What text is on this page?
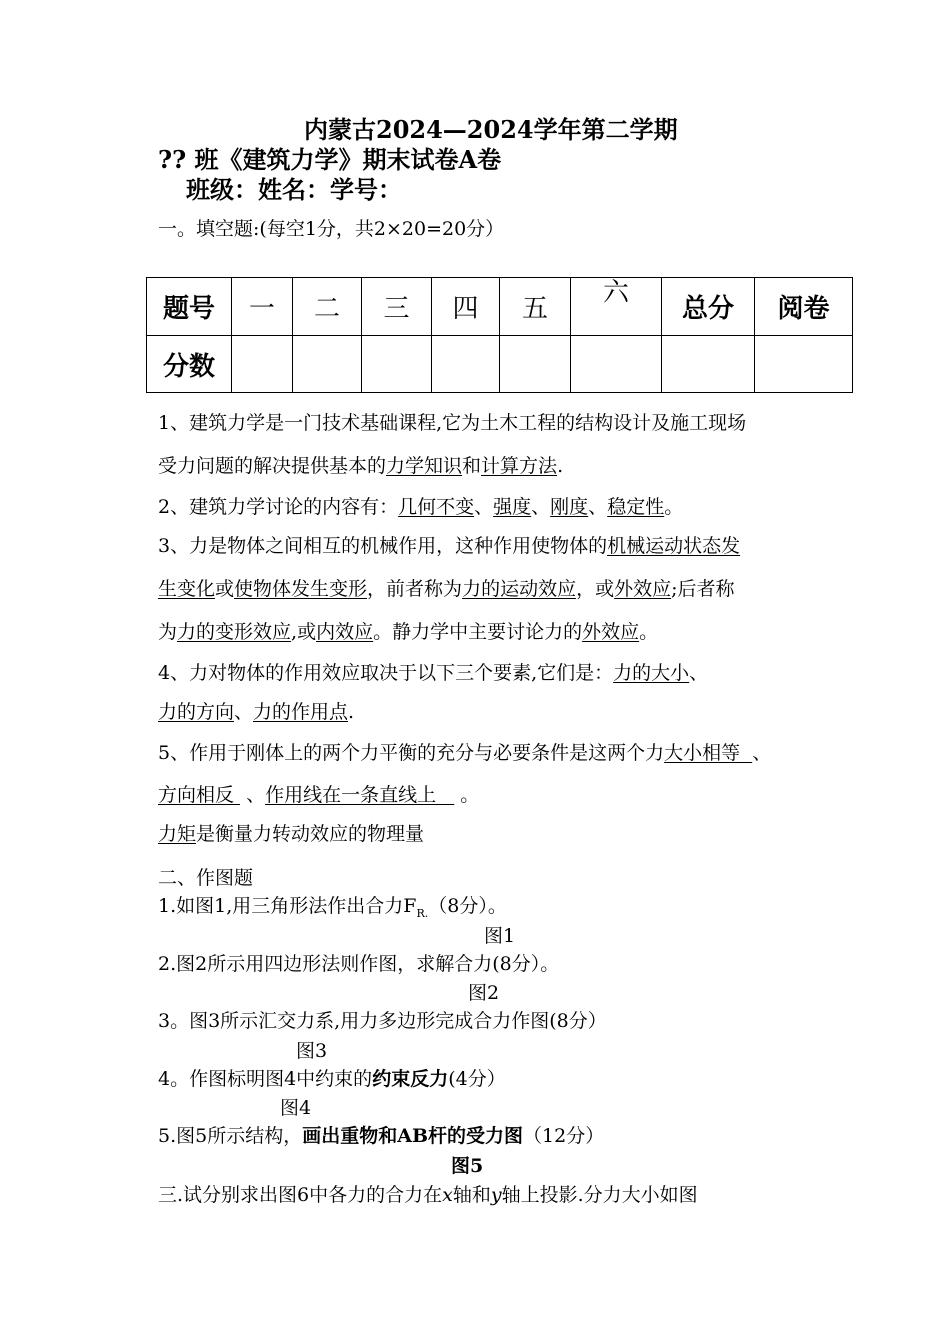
内蒙古2024—2024学年第二学期
?? 班《建筑力学》期末试卷A卷
班级：姓名：学号：
一。填空题:(每空1分，共2×20=20分）
题号	一	二	三	四	五	六	总分	阅卷
分数								
1、建筑力学是一门技术基础课程,它为土木工程的结构设计及施工现场
受力问题的解决提供基本的力学知识和计算方法.
2、建筑力学讨论的内容有：几何不变、强度、刚度、稳定性。
3、力是物体之间相互的机械作用，这种作用使物体的机械运动状态发
生变化或使物体发生变形，前者称为力的运动效应，或外效应;后者称
为力的变形效应,或内效应。静力学中主要讨论力的外效应。
4、力对物体的作用效应取决于以下三个要素,它们是：力的大小、
力的方向、力的作用点.
5、作用于刚体上的两个力平衡的充分与必要条件是这两个力大小相等  、
方向相反  、作用线在一条直线上    。
力矩是衡量力转动效应的物理量
二、作图题
1.如图1,用三角形法作出合力$F_{R.}(8$分）。
图1
2.图2所示用四边形法则作图，求解合力(8分）。
图2
3。图3所示汇交力系,用力多边形完成合力作图(8分）
图3
4。作图标明图4中约束的约束反力(4分）
图4
5.图5所示结构，画出重物和AB杆的受力图（12分）
图5
三.试分别求出图6中各力的合力在x轴和y轴上投影.分力大小如图
